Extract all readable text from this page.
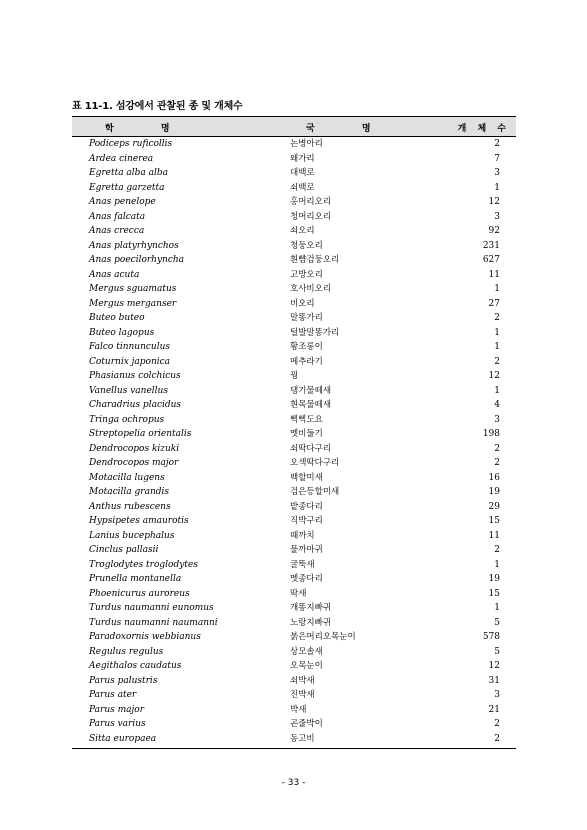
표 11-1. 섬강에서 관찰된 종 및 개체수
학 명	국 명	개 체 수
Podiceps ruficollis	논병아리	2
Ardea cinerea	왜가리	7
Egretta alba alba	대백로	3
Egretta garzetta	쇠백로	1
Anas penelope	홍머리오리	12
Anas falcata	청머리오리	3
Anas crecca	쇠오리	92
Anas platyrhynchos	청둥오리	231
Anas poecilorhyncha	흰뺨검둥오리	627
Anas acuta	고방오리	11
Mergus sguamatus	호사비오리	1
Mergus merganser	비오리	27
Buteo buteo	말똥가리	2
Buteo lagopus	털발말똥가리	1
Falco tinnunculus	황조롱이	1
Coturnix japonica	메추라기	2
Phasianus colchicus	꿩	12
Vanellus vanellus	댕기물떼새	1
Charadrius placidus	흰목물떼새	4
Tringa ochropus	삑삑도요	3
Streptopelia orientalis	멧비둘기	198
Dendrocopos kizuki	쇠딱다구리	2
Dendrocopos major	오색딱다구리	2
Motacilla lugens	백할미새	16
Motacilla grandis	검은등할미새	19
Anthus rubescens	밭종다리	29
Hypsipetes amaurotis	직박구리	15
Lanius bucephalus	때까치	11
Cinclus pallasii	물까마귀	2
Troglodytes troglodytes	굴뚝새	1
Prunella montanella	멧종다리	19
Phoenicurus auroreus	딱새	15
Turdus naumanni eunomus	개똥지빠귀	1
Turdus naumanni naumanni	노랑지빠귀	5
Paradoxornis webbianus	붉은머리오목눈이	578
Regulus regulus	상모솔새	5
Aegithalos caudatus	오목눈이	12
Parus palustris	쇠박새	31
Parus ater	진박새	3
Parus major	박새	21
Parus varius	곤줄박이	2
Sitta europaea	동고비	2
- 33 -
